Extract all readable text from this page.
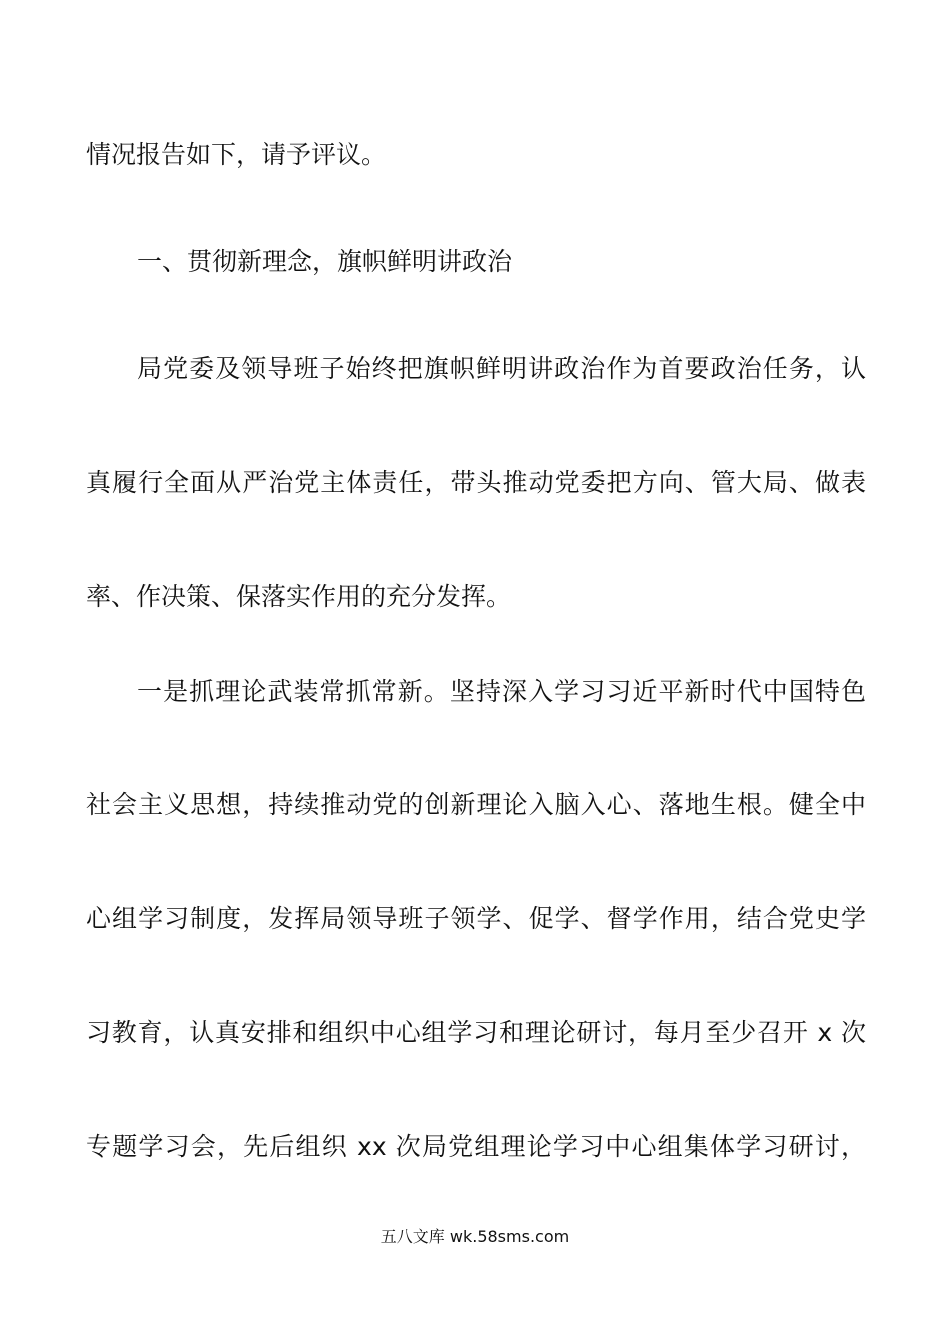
情况报告如下，请予评议。
一、贯彻新理念，旗帜鲜明讲政治
局党委及领导班子始终把旗帜鲜明讲政治作为首要政治任务，认
真履行全面从严治党主体责任，带头推动党委把方向、管大局、做表
率、作决策、保落实作用的充分发挥。
一是抓理论武装常抓常新。坚持深入学习习近平新时代中国特色
社会主义思想，持续推动党的创新理论入脑入心、落地生根。健全中
心组学习制度，发挥局领导班子领学、促学、督学作用，结合党史学
习教育，认真安排和组织中心组学习和理论研讨，每月至少召开 x 次
专题学习会，先后组织 xx 次局党组理论学习中心组集体学习研讨，
五八文库 wk.58sms.com
